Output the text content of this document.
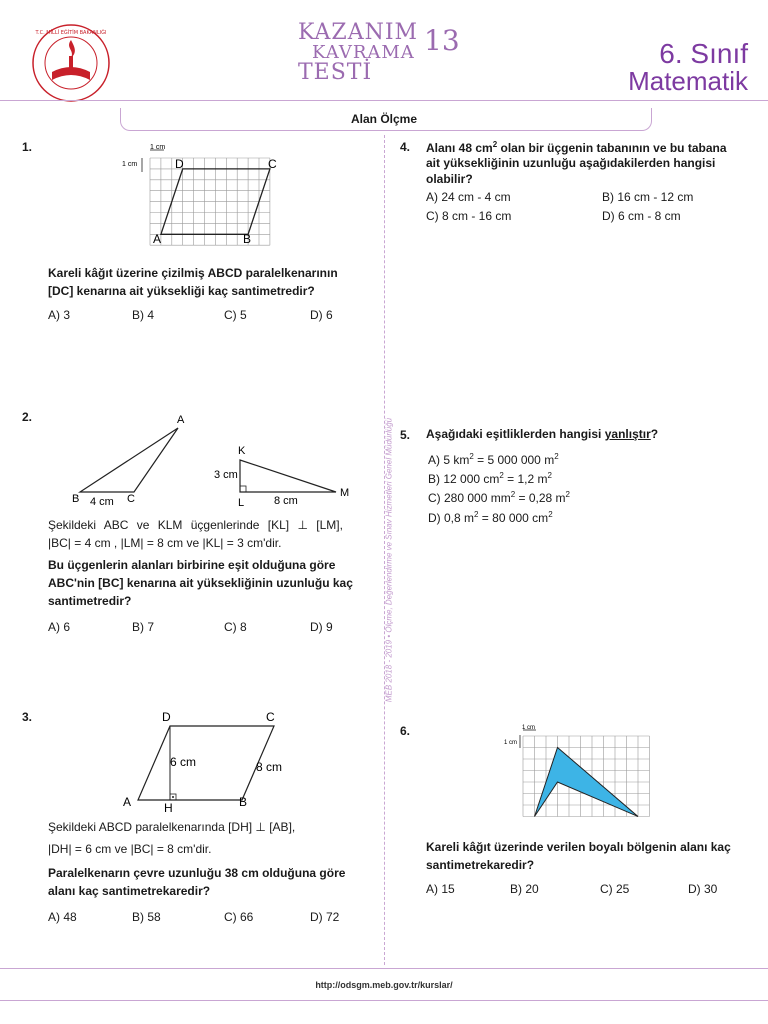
T.C. MİLLİ EĞİTİM BAKANLIĞI	KAZANIM
KAVRAMA
TESTİ
13	6. Sınıf
Matematik
Alan Ölçme
MEB 2018 - 2019 • Ölçme, Değerlendirme ve Sınav Hizmetleri Genel Müdürlüğü
1.	1 cm
1 cm
A	B
C
D
Kareli kâğıt üzerine çizilmiş ABCD paralelkenarının
[DC] kenarına ait yüksekliği kaç santimetredir?
A) 3	B) 4	C) 5	D) 6
2.	A
B	C
4 cm
K
L
M
3 cm
8 cm
Şekildeki ABC ve KLM üçgenlerinde [KL] ⊥ [LM],
|BC| = 4 cm , |LM| = 8 cm ve |KL| = 3 cm'dir.
Bu üçgenlerin alanları birbirine eşit olduğuna göre
ABC'nin [BC] kenarına ait yüksekliğinin uzunluğu kaç
santimetredir?
A) 6	B) 7	C) 8	D) 9
3.	D	C
A	B
H
6 cm	8 cm
Şekildeki ABCD paralelkenarında [DH] ⊥ [AB],
|DH| = 6 cm ve |BC| = 8 cm'dir.
Paralelkenarın çevre uzunluğu 38 cm olduğuna göre
alanı kaç santimetrekaredir?
A) 48	B) 58	C) 66	D) 72
4. Alanı 48 $cm^2$ olan bir üçgenin tabanının ve bu tabana
ait yüksekliğinin uzunluğu aşağıdakilerden hangisi
olabilir?
A) 24 cm - 4 cm	B) 16 cm - 12 cm
C) 8 cm - 16 cm	D) 6 cm - 8 cm
5. Aşağıdaki eşitliklerden hangisi yanlıştır?
A) 5 $km^2 = 5$ 000 000 $m^2$
B) 12 000 $cm^2 = 1,2$ $m^2$
C) 280 000 $mm^2 = 0,28$ $m^2$
D) 0,8 $m^2 = 80$ 000 $cm^2$
6.	1 cm
1 cm
Kareli kâğıt üzerinde verilen boyalı bölgenin alanı kaç
santimetrekaredir?
A) 15	B) 20	C) 25	D) 30
http://odsgm.meb.gov.tr/kurslar/
